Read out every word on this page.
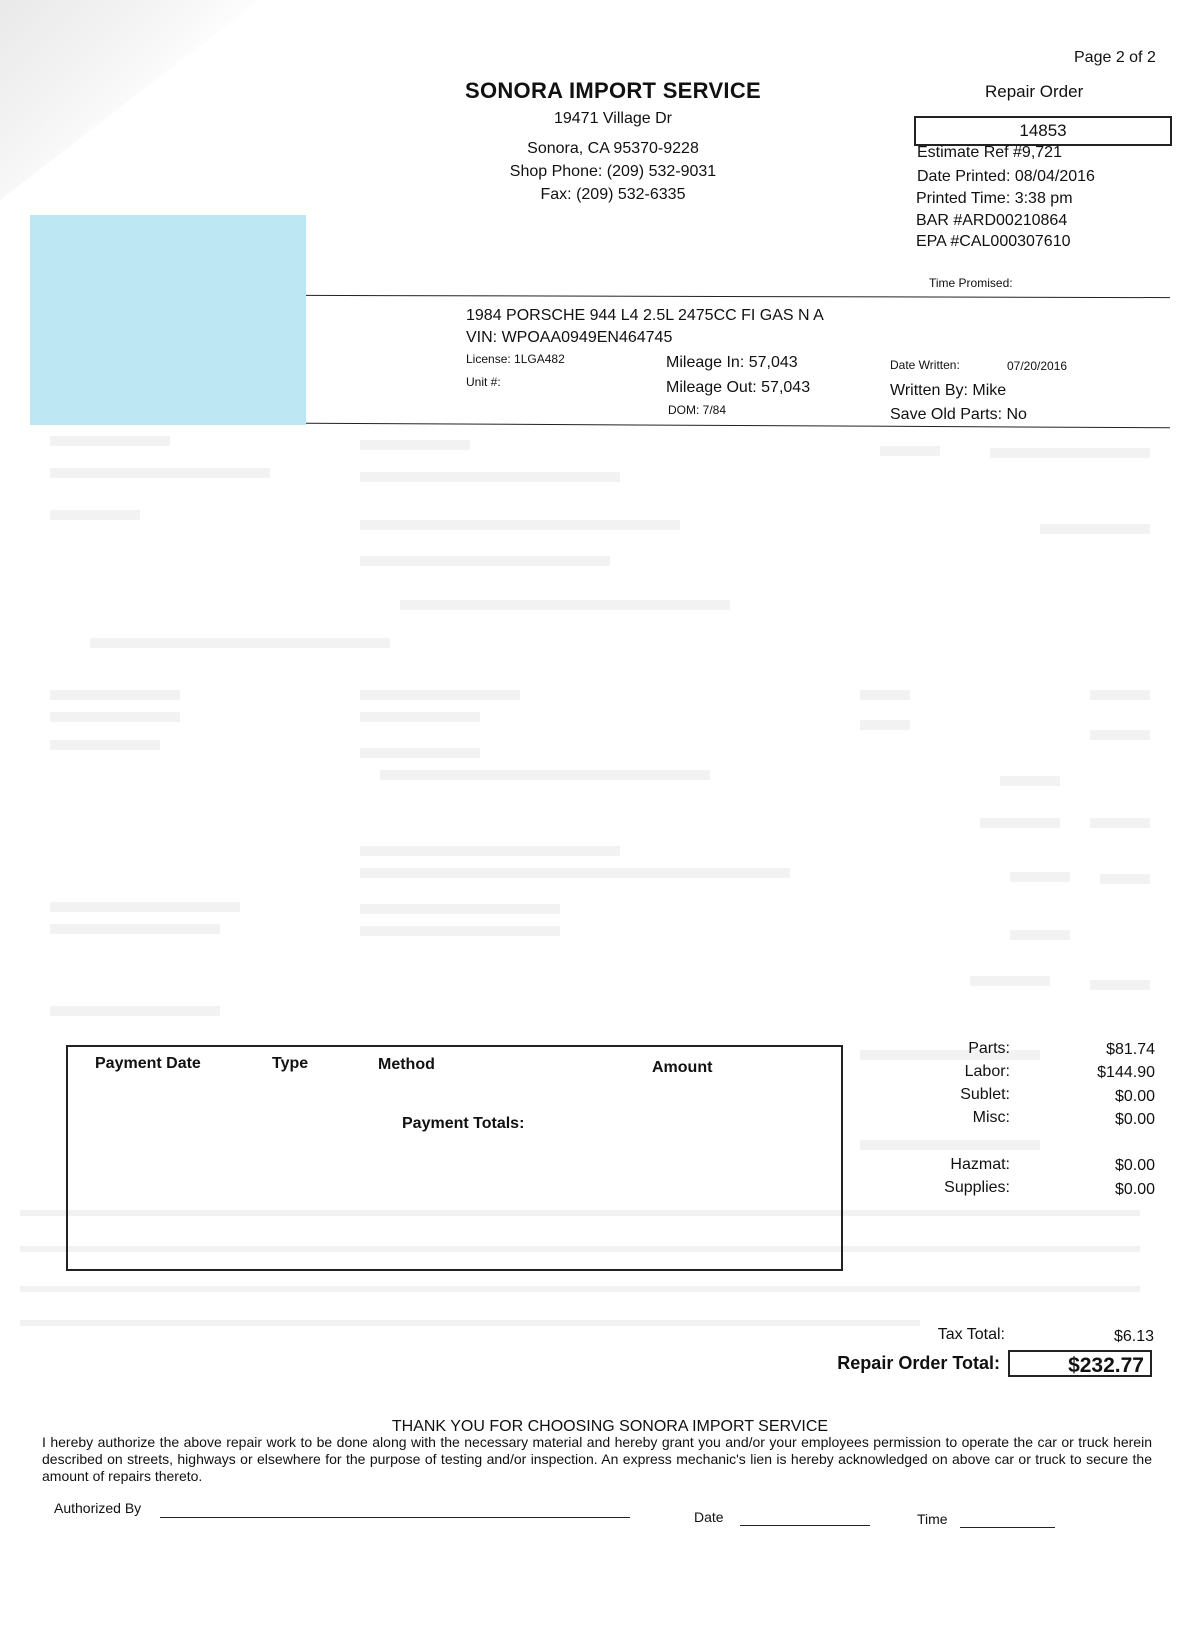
Page 2 of 2
SONORA IMPORT SERVICE
19471 Village Dr
Sonora, CA 95370-9228
Shop Phone: (209) 532-9031
Fax: (209) 532-6335
Repair Order
14853
Estimate Ref #9,721
Date Printed: 08/04/2016
Printed Time: 3:38 pm
BAR #ARD00210864
EPA #CAL000307610
Time Promised:
1984 PORSCHE 944 L4 2.5L 2475CC FI GAS N A
VIN: WPOAA0949EN464745
License: 1LGA482
Unit #:
Mileage In: 57,043
Mileage Out: 57,043
DOM: 7/84
Date Written:	07/20/2016
Written By: Mike
Save Old Parts: No
Payment Date	Type	Method	Amount
Payment Totals:
Parts:	$81.74
Labor:	$144.90
Sublet:	$0.00
Misc:	$0.00
Hazmat:	$0.00
Supplies:	$0.00
Tax Total:	$6.13
Repair Order Total:	$232.77
THANK YOU FOR CHOOSING SONORA IMPORT SERVICE
I hereby authorize the above repair work to be done along with the necessary material and hereby grant you and/or your employees permission to operate the car or truck herein described on streets, highways or elsewhere for the purpose of testing and/or inspection. An express mechanic's lien is hereby acknowledged on above car or truck to secure the amount of repairs thereto.
Authorized By
Date	Time
